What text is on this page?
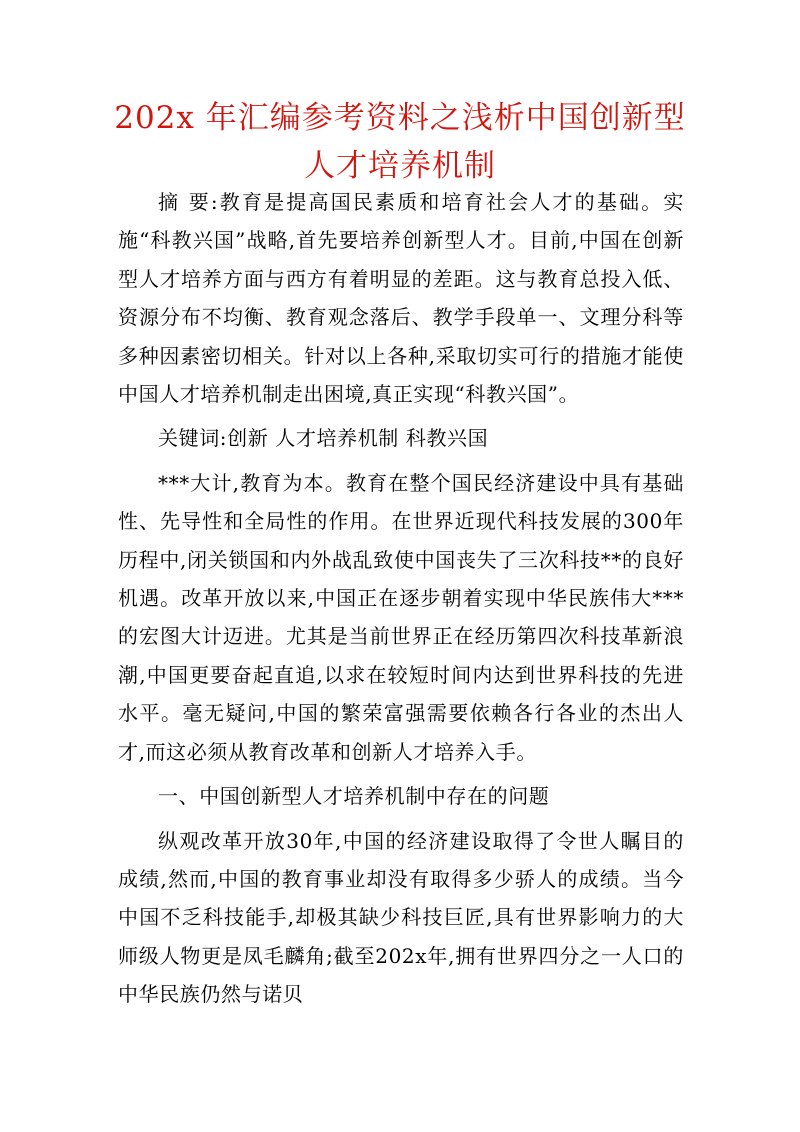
202x 年汇编参考资料之浅析中国创新型人才培养机制

摘 要:教育是提高国民素质和培育社会人才的基础。实施“科教兴国”战略,首先要培养创新型人才。目前,中国在创新型人才培养方面与西方有着明显的差距。这与教育总投入低、资源分布不均衡、教育观念落后、教学手段单一、文理分科等多种因素密切相关。针对以上各种,采取切实可行的措施才能使中国人才培养机制走出困境,真正实现“科教兴国”。

关键词:创新 人才培养机制 科教兴国

***大计,教育为本。教育在整个国民经济建设中具有基础性、先导性和全局性的作用。在世界近现代科技发展的300年历程中,闭关锁国和内外战乱致使中国丧失了三次科技**的良好机遇。改革开放以来,中国正在逐步朝着实现中华民族伟大***的宏图大计迈进。尤其是当前世界正在经历第四次科技革新浪潮,中国更要奋起直追,以求在较短时间内达到世界科技的先进水平。毫无疑问,中国的繁荣富强需要依赖各行各业的杰出人才,而这必须从教育改革和创新人才培养入手。

一、中国创新型人才培养机制中存在的问题

纵观改革开放30年,中国的经济建设取得了令世人瞩目的成绩,然而,中国的教育事业却没有取得多少骄人的成绩。当今中国不乏科技能手,却极其缺少科技巨匠,具有世界影响力的大师级人物更是凤毛麟角;截至202x年,拥有世界四分之一人口的中华民族仍然与诺贝
